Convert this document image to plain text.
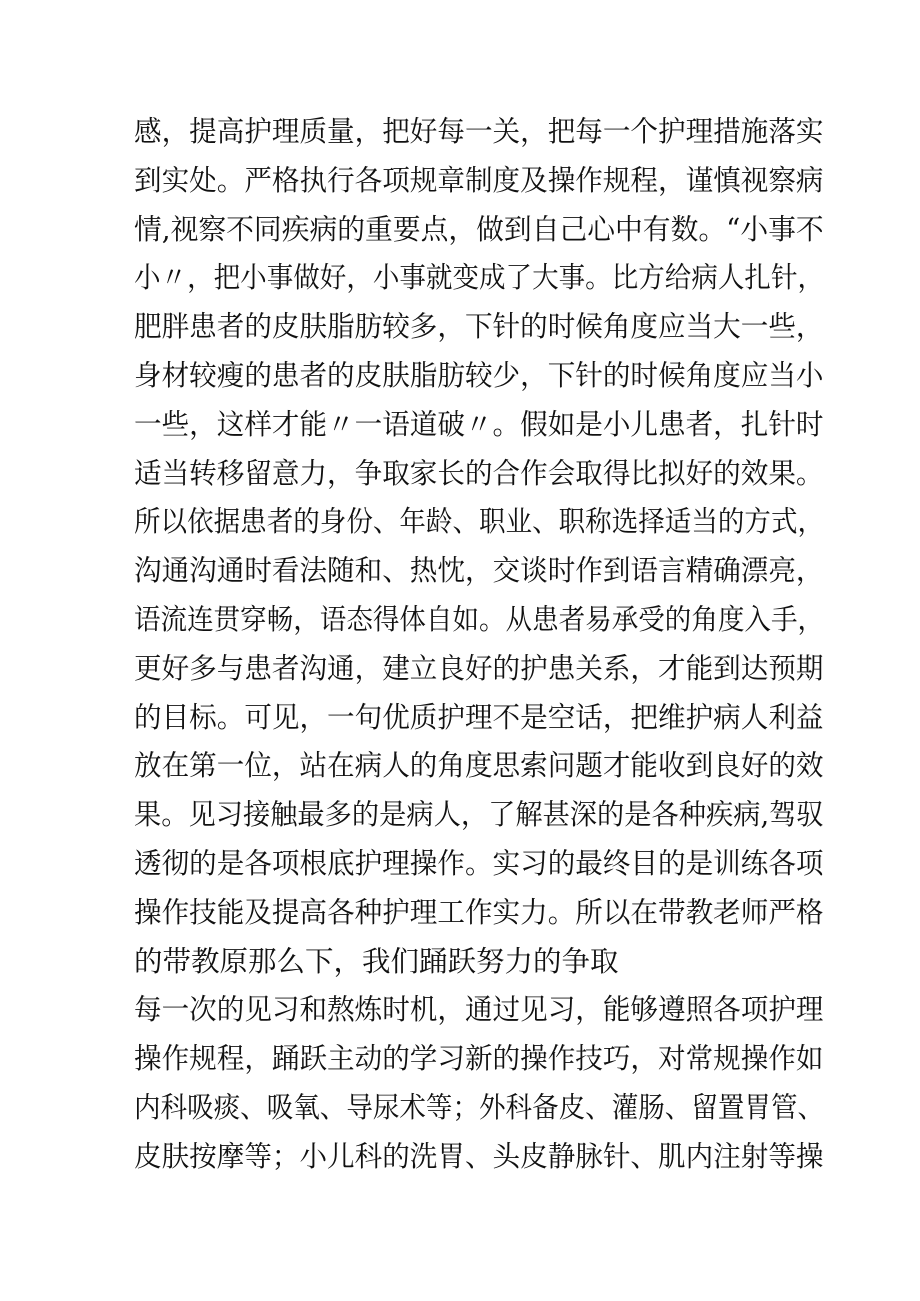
感，提高护理质量，把好每一关，把每一个护理措施落实
到实处。严格执行各项规章制度及操作规程，谨慎视察病
情,视察不同疾病的重要点，做到自己心中有数。“小事不
小〃，把小事做好，小事就变成了大事。比方给病人扎针，
肥胖患者的皮肤脂肪较多，下针的时候角度应当大一些，
身材较瘦的患者的皮肤脂肪较少，下针的时候角度应当小
一些，这样才能〃一语道破〃。假如是小儿患者，扎针时
适当转移留意力，争取家长的合作会取得比拟好的效果。
所以依据患者的身份、年龄、职业、职称选择适当的方式，
沟通沟通时看法随和、热忱，交谈时作到语言精确漂亮，
语流连贯穿畅，语态得体自如。从患者易承受的角度入手，
更好多与患者沟通，建立良好的护患关系，才能到达预期
的目标。可见，一句优质护理不是空话，把维护病人利益
放在第一位，站在病人的角度思索问题才能收到良好的效
果。见习接触最多的是病人，了解甚深的是各种疾病,驾驭
透彻的是各项根底护理操作。实习的最终目的是训练各项
操作技能及提高各种护理工作实力。所以在带教老师严格
的带教原那么下，我们踊跃努力的争取
每一次的见习和熬炼时机，通过见习，能够遵照各项护理
操作规程，踊跃主动的学习新的操作技巧，对常规操作如
内科吸痰、吸氧、导尿术等；外科备皮、灌肠、留置胃管、
皮肤按摩等；小儿科的洗胃、头皮静脉针、肌内注射等操
